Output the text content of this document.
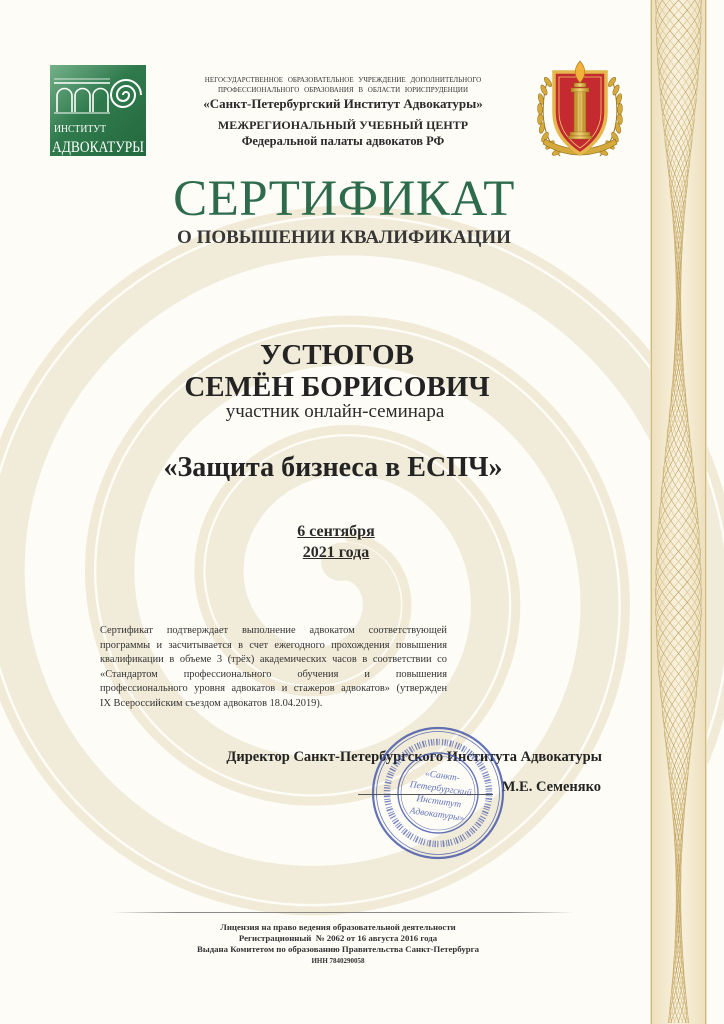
ИНСТИТУТ
АДВОКАТУРЫ
НЕГОСУДАРСТВЕННОЕ ОБРАЗОВАТЕЛЬНОЕ УЧРЕЖДЕНИЕ ДОПОЛНИТЕЛЬНОГО
ПРОФЕССИОНАЛЬНОГО ОБРАЗОВАНИЯ В ОБЛАСТИ ЮРИСПРУДЕНЦИИ
«Санкт-Петербургский Институт Адвокатуры»
МЕЖРЕГИОНАЛЬНЫЙ УЧЕБНЫЙ ЦЕНТР
Федеральной палаты адвокатов РФ
СЕРТИФИКАТ
О ПОВЫШЕНИИ КВАЛИФИКАЦИИ
УСТЮГОВ
СЕМЁН БОРИСОВИЧ
участник онлайн-семинара
«Защита бизнеса в ЕСПЧ»
6 сентября
2021 года
Сертификат подтверждает выполнение адвокатом соответствующей
программы и засчитывается в счет ежегодного прохождения повышения
квалификации в объеме 3 (трёх) академических часов в соответствии со
«Стандартом профессионального обучения и повышения
профессионального уровня адвокатов и стажеров адвокатов» (утвержден
IX Всероссийским съездом адвокатов 18.04.2019).
Директор Санкт-Петербургского Института Адвокатуры
М.Е. Семеняко
«Санкт-
Петербургский
Институт
Адвокатуры»
Лицензия на право ведения образовательной деятельности
Регистрационный  № 2062 от 16 августа 2016 года
Выдана Комитетом по образованию Правительства Санкт-Петербурга
ИНН 7840290058
